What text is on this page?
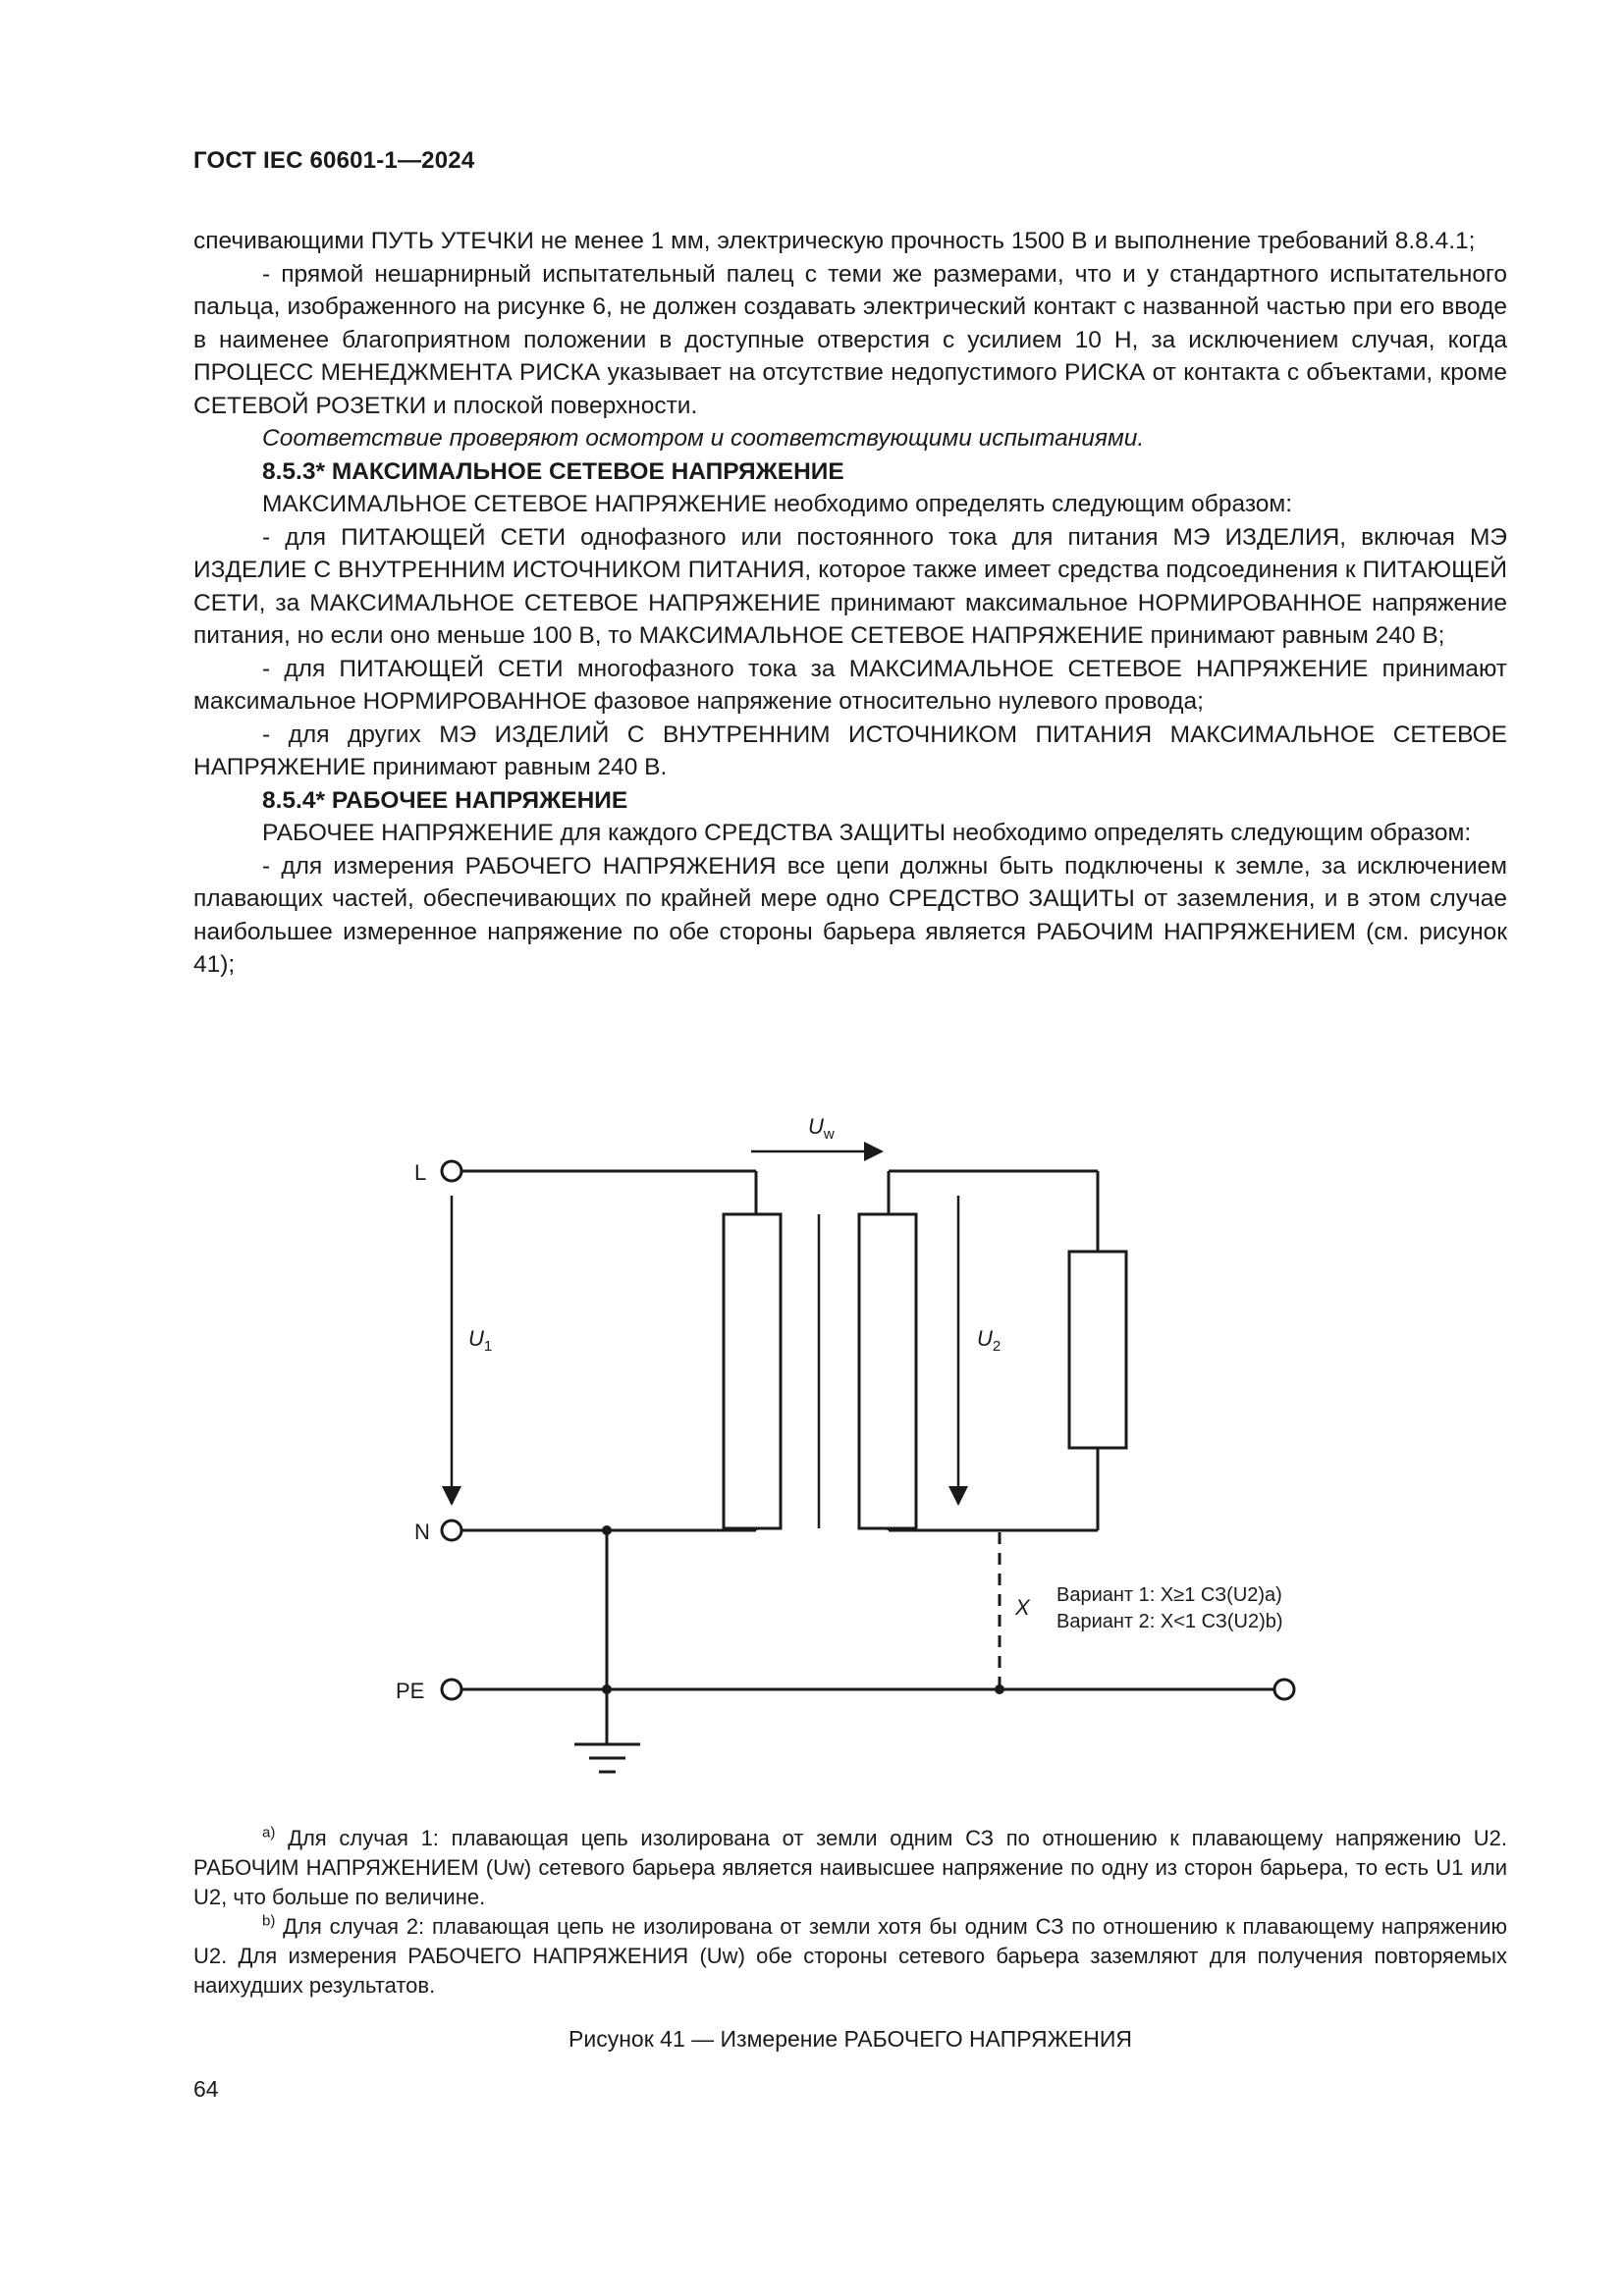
ГОСТ IEC 60601-1—2024

спечивающими ПУТЬ УТЕЧКИ не менее 1 мм, электрическую прочность 1500 В и выполнение требований 8.8.4.1;

- прямой нешарнирный испытательный палец с теми же размерами, что и у стандартного испытательного пальца, изображенного на рисунке 6, не должен создавать электрический контакт с названной частью при его вводе в наименее благоприятном положении в доступные отверстия с усилием 10 Н, за исключением случая, когда ПРОЦЕСС МЕНЕДЖМЕНТА РИСКА указывает на отсутствие недопустимого РИСКА от контакта с объектами, кроме СЕТЕВОЙ РОЗЕТКИ и плоской поверхности.

Соответствие проверяют осмотром и соответствующими испытаниями.

8.5.3* МАКСИМАЛЬНОЕ СЕТЕВОЕ НАПРЯЖЕНИЕ

МАКСИМАЛЬНОЕ СЕТЕВОЕ НАПРЯЖЕНИЕ необходимо определять следующим образом:

- для ПИТАЮЩЕЙ СЕТИ однофазного или постоянного тока для питания МЭ ИЗДЕЛИЯ, включая МЭ ИЗДЕЛИЕ С ВНУТРЕННИМ ИСТОЧНИКОМ ПИТАНИЯ, которое также имеет средства подсоединения к ПИТАЮЩЕЙ СЕТИ, за МАКСИМАЛЬНОЕ СЕТЕВОЕ НАПРЯЖЕНИЕ принимают максимальное НОРМИРОВАННОЕ напряжение питания, но если оно меньше 100 В, то МАКСИМАЛЬНОЕ СЕТЕВОЕ НАПРЯЖЕНИЕ принимают равным 240 В;

- для ПИТАЮЩЕЙ СЕТИ многофазного тока за МАКСИМАЛЬНОЕ СЕТЕВОЕ НАПРЯЖЕНИЕ принимают максимальное НОРМИРОВАННОЕ фазовое напряжение относительно нулевого провода;

- для других МЭ ИЗДЕЛИЙ С ВНУТРЕННИМ ИСТОЧНИКОМ ПИТАНИЯ МАКСИМАЛЬНОЕ СЕТЕВОЕ НАПРЯЖЕНИЕ принимают равным 240 В.

8.5.4* РАБОЧЕЕ НАПРЯЖЕНИЕ

РАБОЧЕЕ НАПРЯЖЕНИЕ для каждого СРЕДСТВА ЗАЩИТЫ необходимо определять следующим образом:

- для измерения РАБОЧЕГО НАПРЯЖЕНИЯ все цепи должны быть подключены к земле, за исключением плавающих частей, обеспечивающих по крайней мере одно СРЕДСТВО ЗАЩИТЫ от заземления, и в этом случае наибольшее измеренное напряжение по обе стороны барьера является РАБОЧИМ НАПРЯЖЕНИЕМ (см. рисунок 41);

L
N
PE
$U_1$	$U_2$
$U_w$
X Вариант 1: X≥1 СЗ(U2)a)
Вариант 2: X<1 СЗ(U2)b)

$^{a)}$ Для случая 1: плавающая цепь изолирована от земли одним СЗ по отношению к плавающему напряжению U2. РАБОЧИМ НАПРЯЖЕНИЕМ (Uw) сетевого барьера является наивысшее напряжение по одну из сторон барьера, то есть U1 или U2, что больше по величине.

$^{b)}$ Для случая 2: плавающая цепь не изолирована от земли хотя бы одним СЗ по отношению к плавающему напряжению U2. Для измерения РАБОЧЕГО НАПРЯЖЕНИЯ (Uw) обе стороны сетевого барьера заземляют для получения повторяемых наихудших результатов.

Рисунок 41 — Измерение РАБОЧЕГО НАПРЯЖЕНИЯ
64
